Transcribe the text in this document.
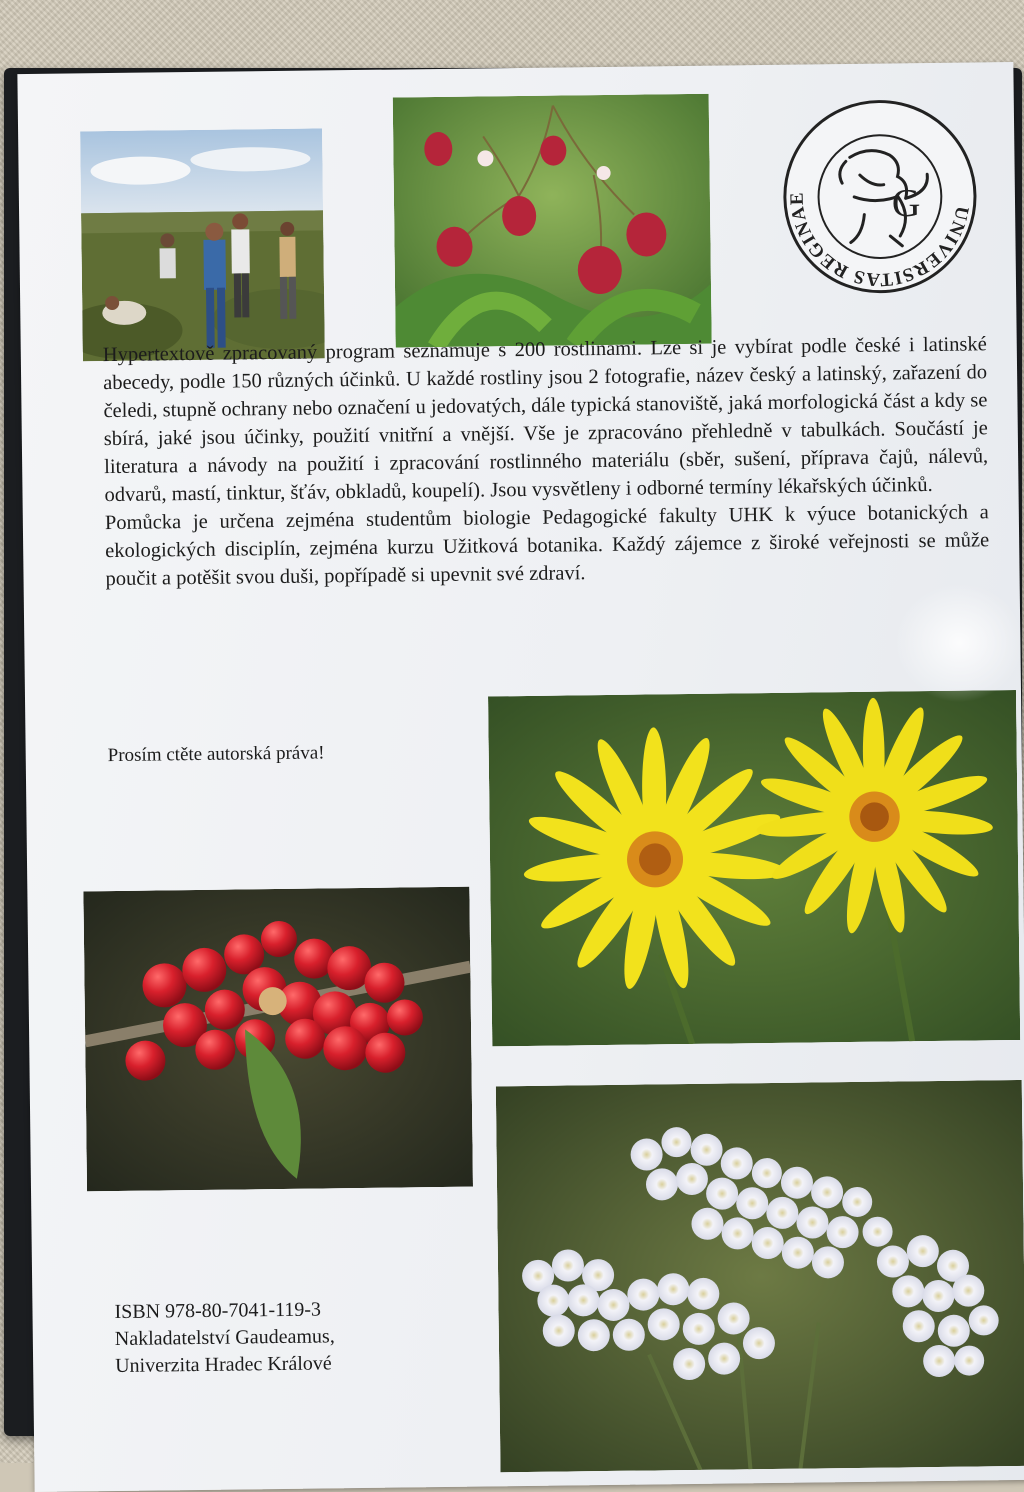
UNIVERSITAS REGINAEGRADECENSIS
G

Hypertextově zpracovaný program seznamuje s 200 rostlinami. Lze si je vybírat podle české i latinské abecedy, podle 150 různých účinků. U každé rostliny jsou 2 fotografie, název český a latinský, zařazení do čeledi, stupně ochrany nebo označení u jedovatých, dále typická stanoviště, jaká morfologická část a kdy se sbírá, jaké jsou účinky, použití vnitřní a vnější. Vše je zpracováno přehledně v tabulkách. Součástí je literatura a návody na použití i zpracování rostlinného materiálu (sběr, sušení, příprava čajů, nálevů, odvarů, mastí, tinktur, šťáv, obkladů, koupelí). Jsou vysvětleny i odborné termíny lékařských účinků.

Pomůcka je určena zejména studentům biologie Pedagogické fakulty UHK k výuce botanických a ekologických disciplín, zejména kurzu Užitková botanika. Každý zájemce z široké veřejnosti se může poučit a potěšit svou duši, popřípadě si upevnit své zdraví.

Prosím ctěte autorská práva!
ISBN 978-80-7041-119-3
Nakladatelství Gaudeamus,
Univerzita Hradec Králové
